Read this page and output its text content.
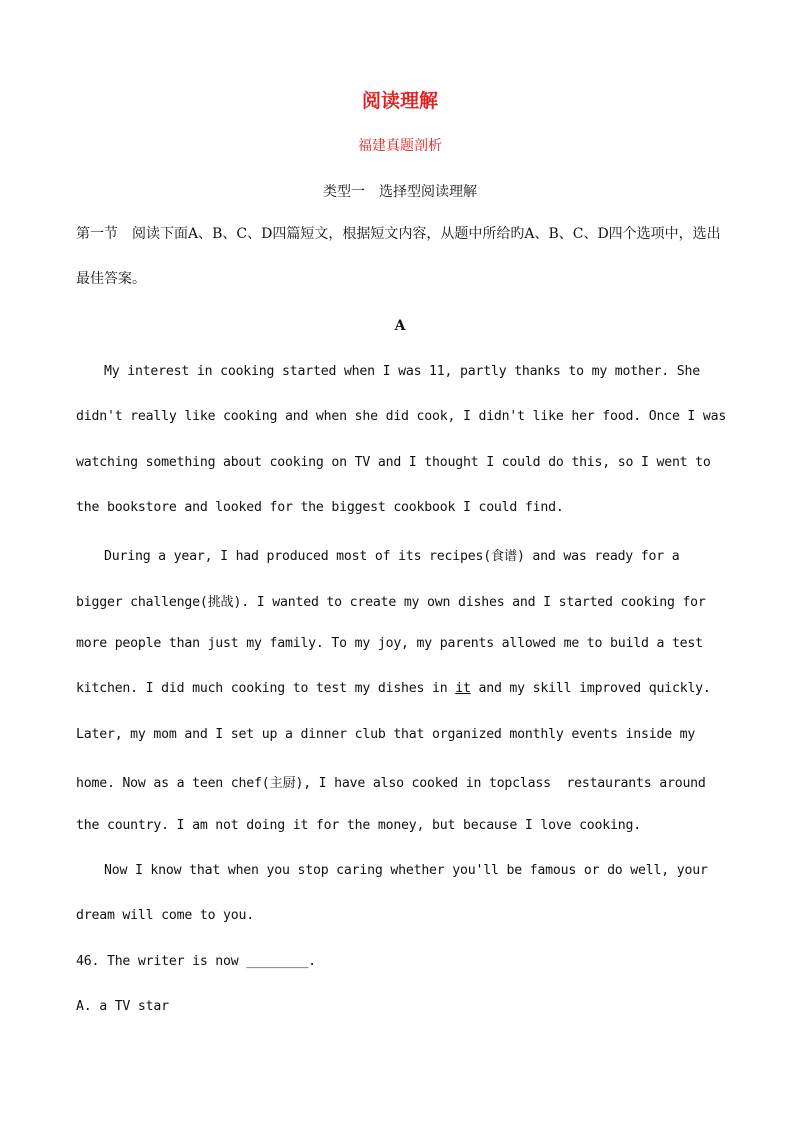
阅读理解
福建真题剖析
类型一　选择型阅读理解
第一节　阅读下面A、B、C、D四篇短文，根据短文内容，从题中所给旳A、B、C、D四个选项中，选出最佳答案。
A
My interest in cooking started when I was 11, partly thanks to my mother. She
didn't really like cooking and when she did cook, I didn't like her food. Once I was
watching something about cooking on TV and I thought I could do this, so I went to
the bookstore and looked for the biggest cookbook I could find.
During a year, I had produced most of its recipes(食谱) and was ready for a
bigger challenge(挑战). I wanted to create my own dishes and I started cooking for
more people than just my family. To my joy, my parents allowed me to build a test
kitchen. I did much cooking to test my dishes in it and my skill improved quickly.
Later, my mom and I set up a dinner club that organized monthly events inside my
home. Now as a teen chef(主厨), I have also cooked in topclass  restaurants around
the country. I am not doing it for the money, but because I love cooking.
Now I know that when you stop caring whether you'll be famous or do well, your
dream will come to you.
46. The writer is now ________.
A. a TV star
